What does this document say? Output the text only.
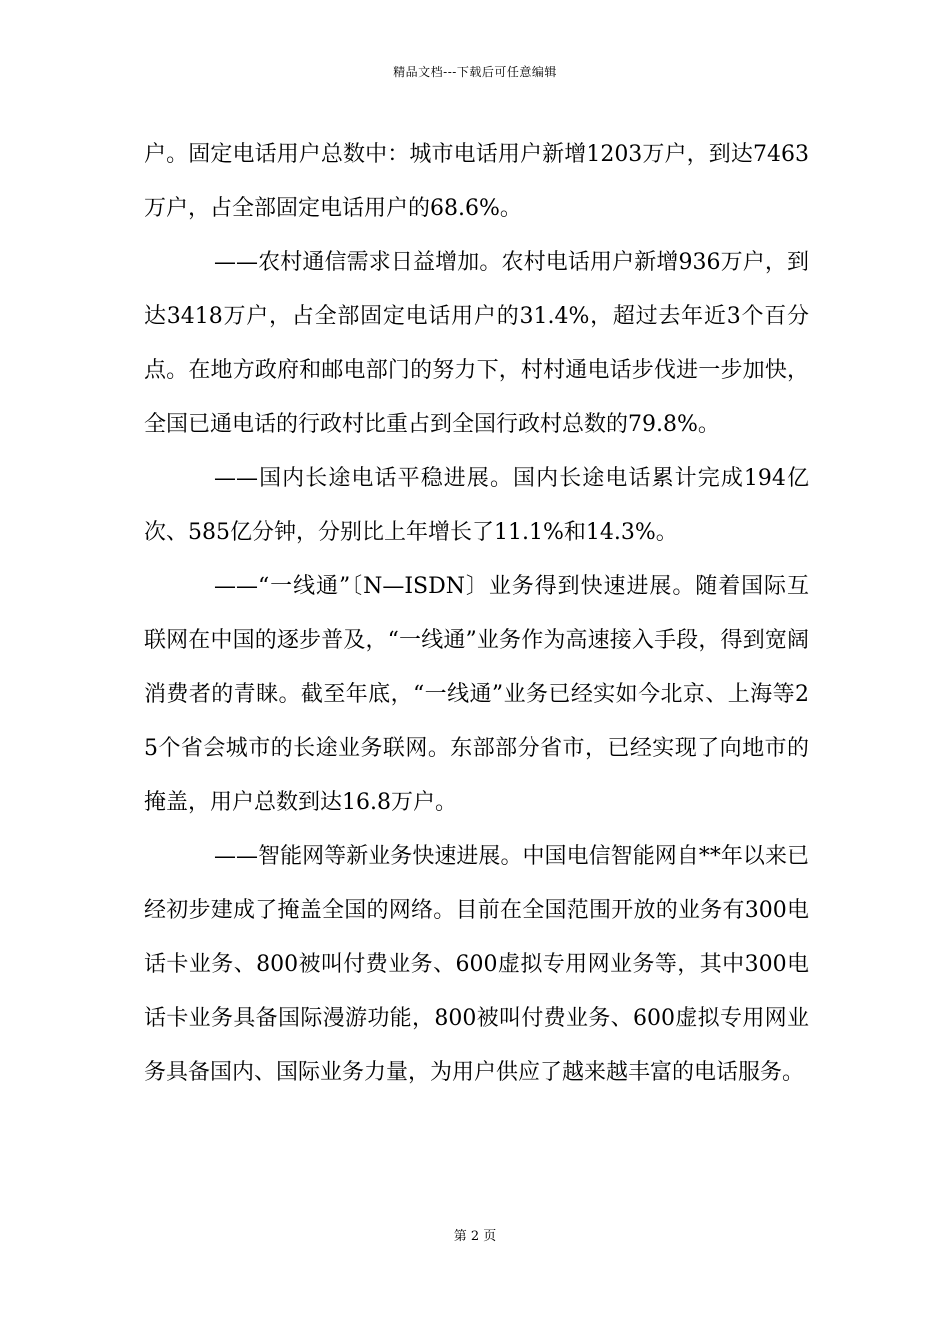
精品文档---下载后可任意编辑

户。固定电话用户总数中：城市电话用户新增1203万户，到达7463万户，占全部固定电话用户的68.6%。

——农村通信需求日益增加。农村电话用户新增936万户，到达3418万户，占全部固定电话用户的31.4%，超过去年近3个百分点。在地方政府和邮电部门的努力下，村村通电话步伐进一步加快，全国已通电话的行政村比重占到全国行政村总数的79.8%。

——国内长途电话平稳进展。国内长途电话累计完成194亿次、585亿分钟，分别比上年增长了11.1%和14.3%。

——“一线通”〔N—ISDN〕业务得到快速进展。随着国际互联网在中国的逐步普及，“一线通”业务作为高速接入手段，得到宽阔消费者的青睐。截至年底，“一线通”业务已经实如今北京、上海等25个省会城市的长途业务联网。东部部分省市，已经实现了向地市的掩盖，用户总数到达16.8万户。

——智能网等新业务快速进展。中国电信智能网自**年以来已经初步建成了掩盖全国的网络。目前在全国范围开放的业务有300电话卡业务、800被叫付费业务、600虚拟专用网业务等，其中300电话卡业务具备国际漫游功能，800被叫付费业务、600虚拟专用网业务具备国内、国际业务力量，为用户供应了越来越丰富的电话服务。

第 2 页
